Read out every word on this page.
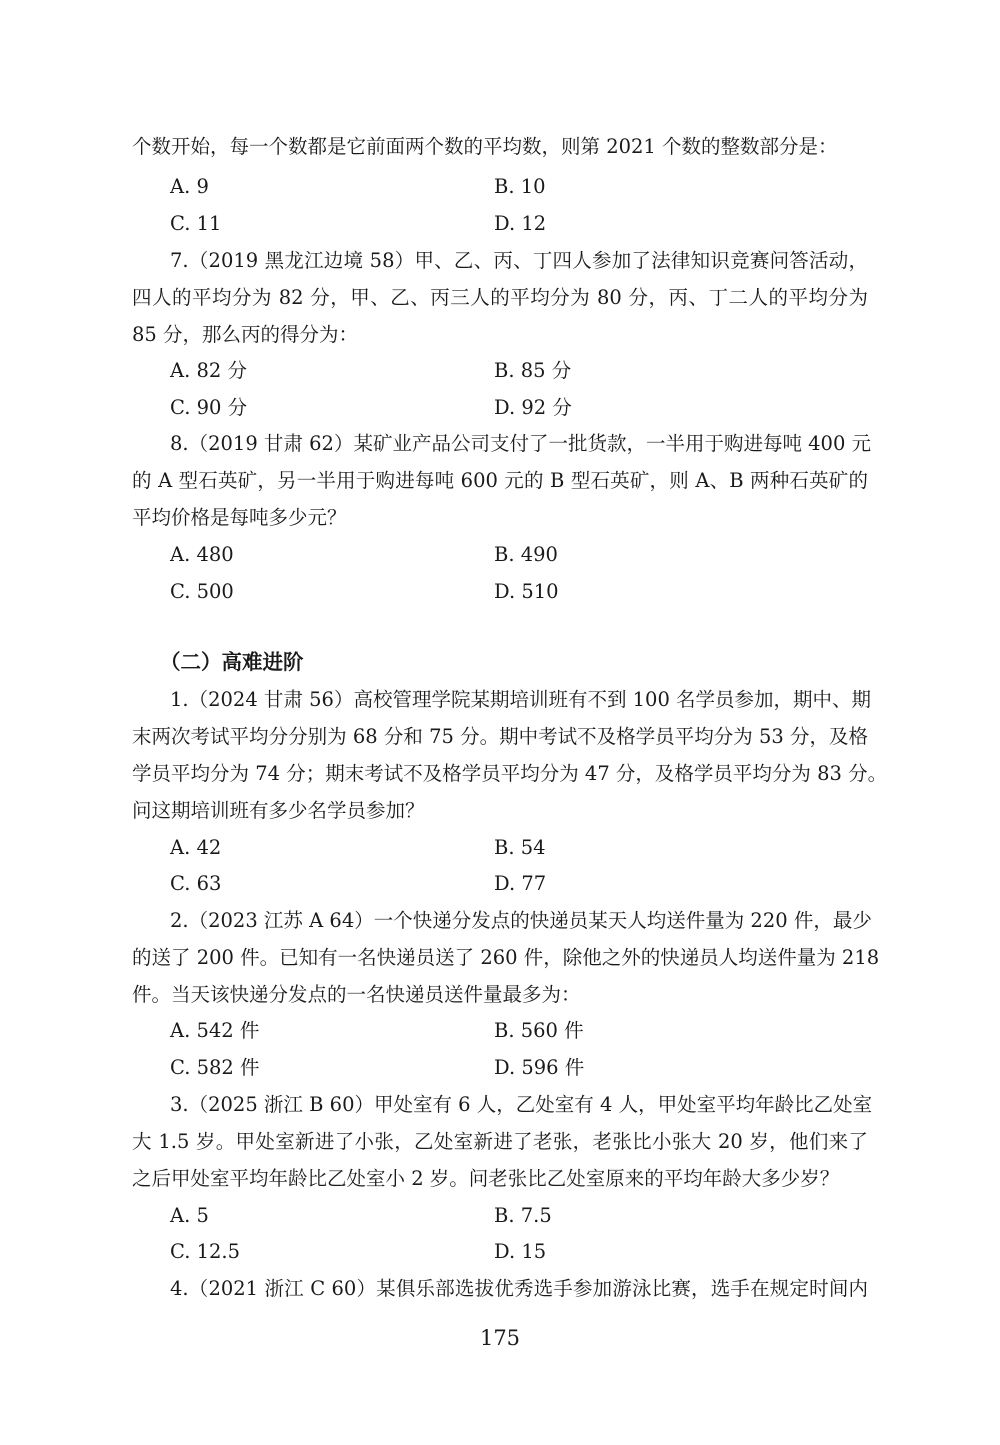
个数开始，每一个数都是它前面两个数的平均数，则第 2021 个数的整数部分是：
A. 9	B. 10
C. 11	D. 12
7.（2019 黑龙江边境 58）甲、乙、丙、丁四人参加了法律知识竞赛问答活动，
四人的平均分为 82 分，甲、乙、丙三人的平均分为 80 分，丙、丁二人的平均分为
85 分，那么丙的得分为：
A. 82 分	B. 85 分
C. 90 分	D. 92 分
8.（2019 甘肃 62）某矿业产品公司支付了一批货款，一半用于购进每吨 400 元
的 A 型石英矿，另一半用于购进每吨 600 元的 B 型石英矿，则 A、B 两种石英矿的
平均价格是每吨多少元？
A. 480	B. 490
C. 500	D. 510
（二）高难进阶
1.（2024 甘肃 56）高校管理学院某期培训班有不到 100 名学员参加，期中、期
末两次考试平均分分别为 68 分和 75 分。期中考试不及格学员平均分为 53 分，及格
学员平均分为 74 分；期末考试不及格学员平均分为 47 分，及格学员平均分为 83 分。
问这期培训班有多少名学员参加？
A. 42	B. 54
C. 63	D. 77
2.（2023 江苏 A 64）一个快递分发点的快递员某天人均送件量为 220 件，最少
的送了 200 件。已知有一名快递员送了 260 件，除他之外的快递员人均送件量为 218
件。当天该快递分发点的一名快递员送件量最多为：
A. 542 件	B. 560 件
C. 582 件	D. 596 件
3.（2025 浙江 B 60）甲处室有 6 人，乙处室有 4 人，甲处室平均年龄比乙处室
大 1.5 岁。甲处室新进了小张，乙处室新进了老张，老张比小张大 20 岁，他们来了
之后甲处室平均年龄比乙处室小 2 岁。问老张比乙处室原来的平均年龄大多少岁？
A. 5	B. 7.5
C. 12.5	D. 15
4.（2021 浙江 C 60）某俱乐部选拔优秀选手参加游泳比赛，选手在规定时间内
175
